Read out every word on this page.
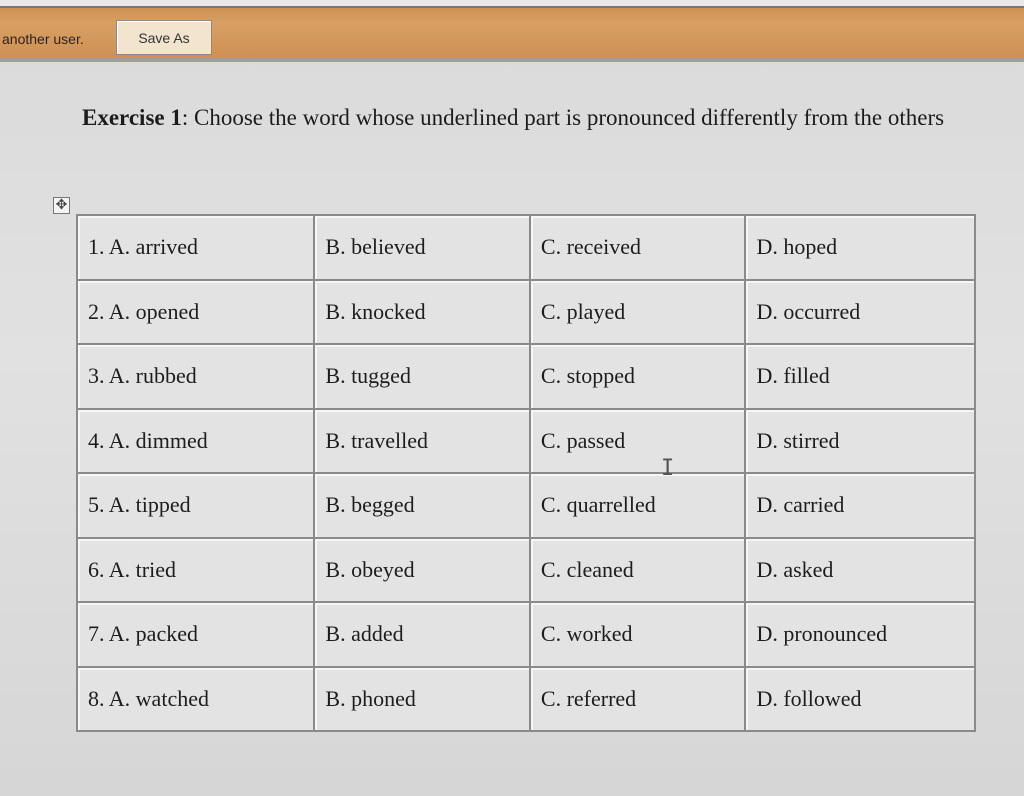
another user.	Save As
Exercise 1: Choose the word whose underlined part is pronounced differently from the others
✥
1. A. arrived	B. believed	C. received	D. hoped
2. A. opened	B. knocked	C. played	D. occurred
3. A. rubbed	B. tugged	C. stopped	D. filled
4. A. dimmed	B. travelled	C. passed	D. stirred
5. A. tipped	B. begged	C. quarrelled	D. carried
6. A. tried	B. obeyed	C. cleaned	D. asked
7. A. packed	B. added	C. worked	D. pronounced
8. A. watched	B. phoned	C. referred	D. followed
I
